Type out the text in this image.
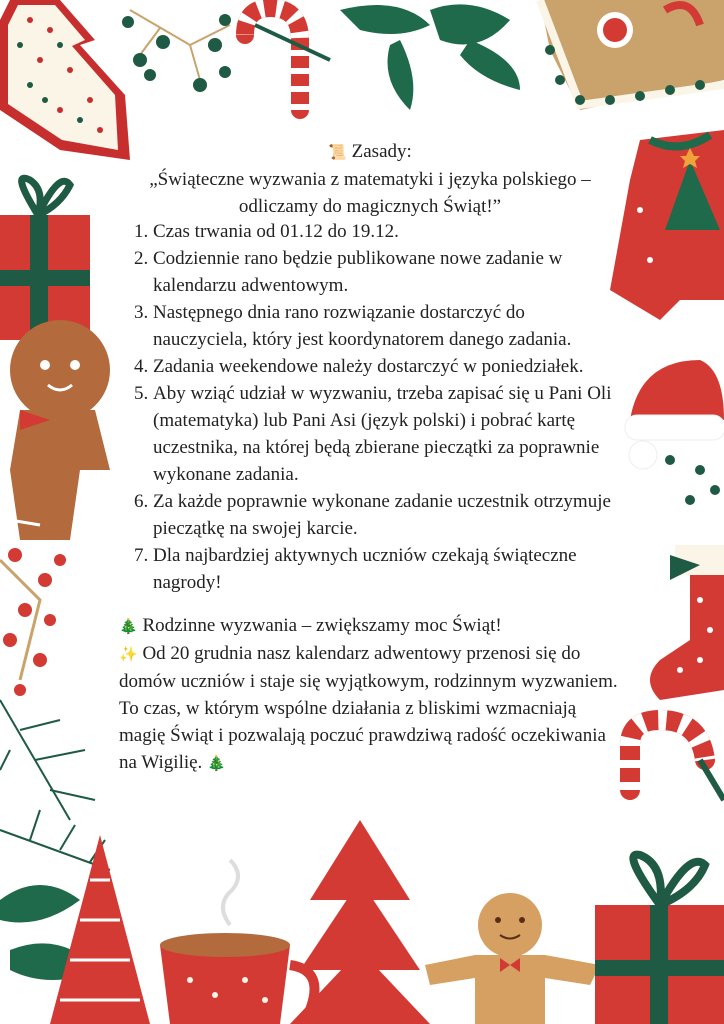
📜 Zasady:
„Świąteczne wyzwania z matematyki i języka polskiego –
odliczamy do magicznych Świąt!”
1. Czas trwania od 01.12 do 19.12.
2. Codziennie rano będzie publikowane nowe zadanie w kalendarzu adwentowym.
3. Następnego dnia rano rozwiązanie dostarczyć do nauczyciela, który jest koordynatorem danego zadania.
4. Zadania weekendowe należy dostarczyć w poniedziałek.
5. Aby wziąć udział w wyzwaniu, trzeba zapisać się u Pani Oli (matematyka) lub Pani Asi (język polski) i pobrać kartę uczestnika, na której będą zbierane pieczątki za poprawnie wykonane zadania.
6. Za każde poprawnie wykonane zadanie uczestnik otrzymuje pieczątkę na swojej karcie.
7. Dla najbardziej aktywnych uczniów czekają świąteczne nagrody!

🎄 Rodzinne wyzwania – zwiększamy moc Świąt!

✨ Od 20 grudnia nasz kalendarz adwentowy przenosi się do domów uczniów i staje się wyjątkowym, rodzinnym wyzwaniem. To czas, w którym wspólne działania z bliskimi wzmacniają magię Świąt i pozwalają poczuć prawdziwą radość oczekiwania na Wigilię. 🎄
